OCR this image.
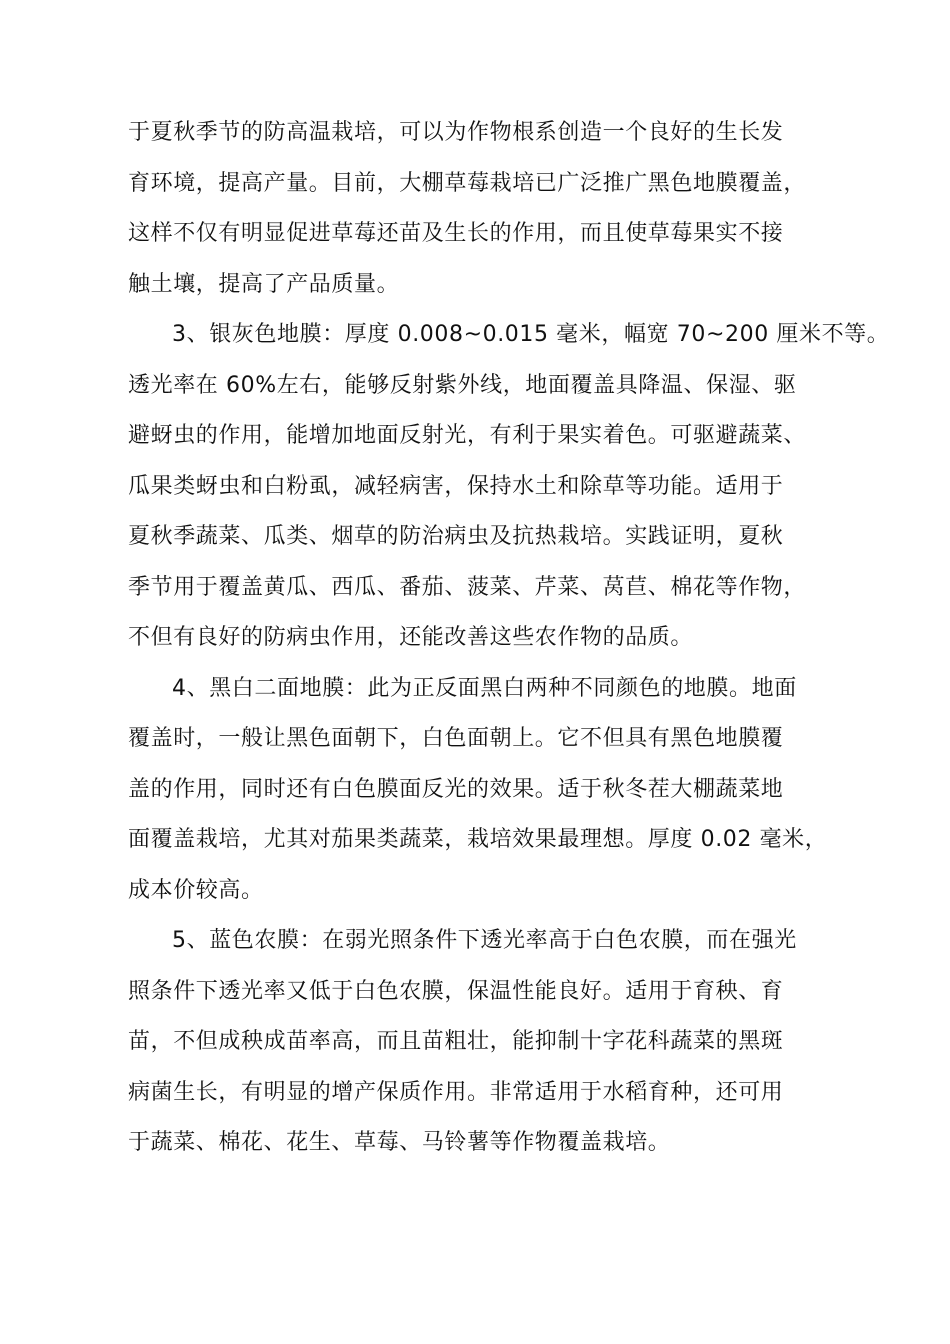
于夏秋季节的防高温栽培，可以为作物根系创造一个良好的生长发
育环境，提高产量。目前，大棚草莓栽培已广泛推广黑色地膜覆盖，
这样不仅有明显促进草莓还苗及生长的作用，而且使草莓果实不接
触土壤，提高了产品质量。

3、银灰色地膜：厚度 0.008~0.015 毫米，幅宽 70~200 厘米不等。
透光率在 60%左右，能够反射紫外线，地面覆盖具降温、保湿、驱
避蚜虫的作用，能增加地面反射光，有利于果实着色。可驱避蔬菜、
瓜果类蚜虫和白粉虱，减轻病害，保持水土和除草等功能。适用于
夏秋季蔬菜、瓜类、烟草的防治病虫及抗热栽培。实践证明，夏秋
季节用于覆盖黄瓜、西瓜、番茄、菠菜、芹菜、莴苣、棉花等作物，
不但有良好的防病虫作用，还能改善这些农作物的品质。

4、黑白二面地膜：此为正反面黑白两种不同颜色的地膜。地面
覆盖时，一般让黑色面朝下，白色面朝上。它不但具有黑色地膜覆
盖的作用，同时还有白色膜面反光的效果。适于秋冬茬大棚蔬菜地
面覆盖栽培，尤其对茄果类蔬菜，栽培效果最理想。厚度 0.02 毫米，
成本价较高。

5、蓝色农膜：在弱光照条件下透光率高于白色农膜，而在强光
照条件下透光率又低于白色农膜，保温性能良好。适用于育秧、育
苗，不但成秧成苗率高，而且苗粗壮，能抑制十字花科蔬菜的黑斑
病菌生长，有明显的增产保质作用。非常适用于水稻育种，还可用
于蔬菜、棉花、花生、草莓、马铃薯等作物覆盖栽培。
